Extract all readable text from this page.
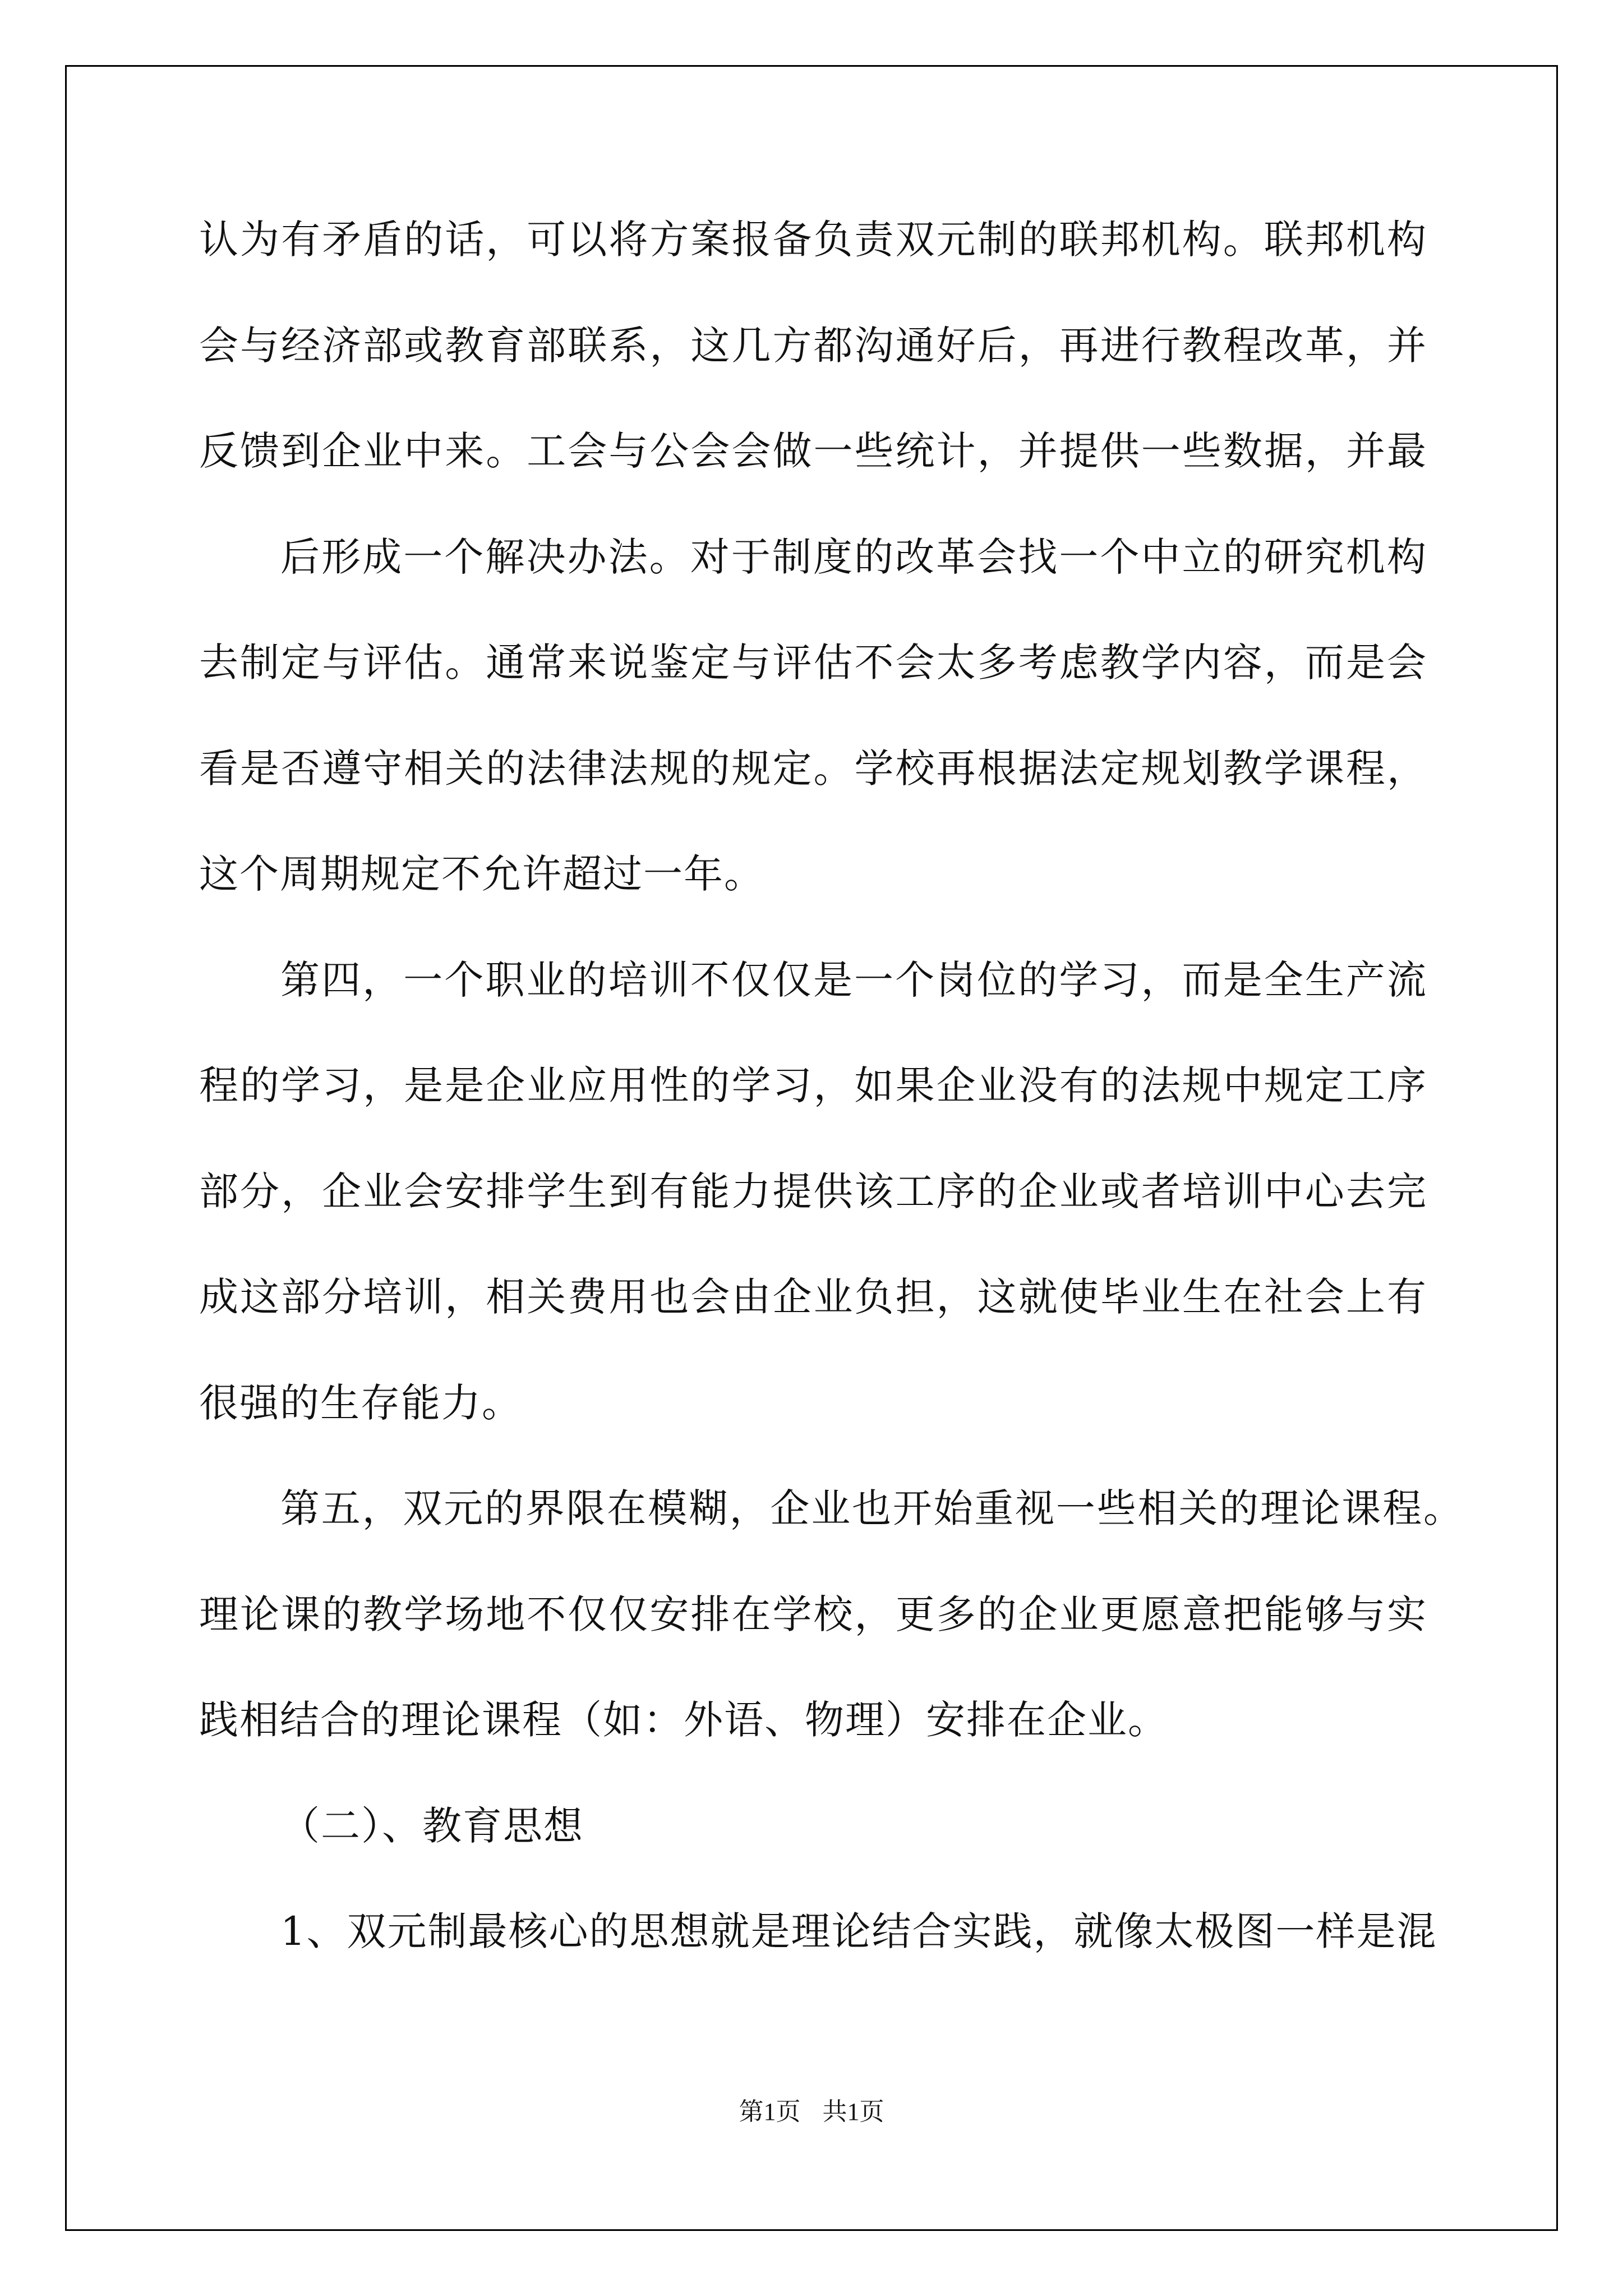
认为有矛盾的话，可以将方案报备负责双元制的联邦机构。联邦机构
会与经济部或教育部联系，这几方都沟通好后，再进行教程改革，并
反馈到企业中来。工会与公会会做一些统计，并提供一些数据，并最
后形成一个解决办法。对于制度的改革会找一个中立的研究机构
去制定与评估。通常来说鉴定与评估不会太多考虑教学内容，而是会
看是否遵守相关的法律法规的规定。学校再根据法定规划教学课程，
这个周期规定不允许超过一年。
第四，一个职业的培训不仅仅是一个岗位的学习，而是全生产流
程的学习，是是企业应用性的学习，如果企业没有的法规中规定工序
部分，企业会安排学生到有能力提供该工序的企业或者培训中心去完
成这部分培训，相关费用也会由企业负担，这就使毕业生在社会上有
很强的生存能力。
第五，双元的界限在模糊，企业也开始重视一些相关的理论课程。
理论课的教学场地不仅仅安排在学校，更多的企业更愿意把能够与实
践相结合的理论课程（如：外语、物理）安排在企业。
（二）、教育思想
1、双元制最核心的思想就是理论结合实践，就像太极图一样是混
第1页 共1页
